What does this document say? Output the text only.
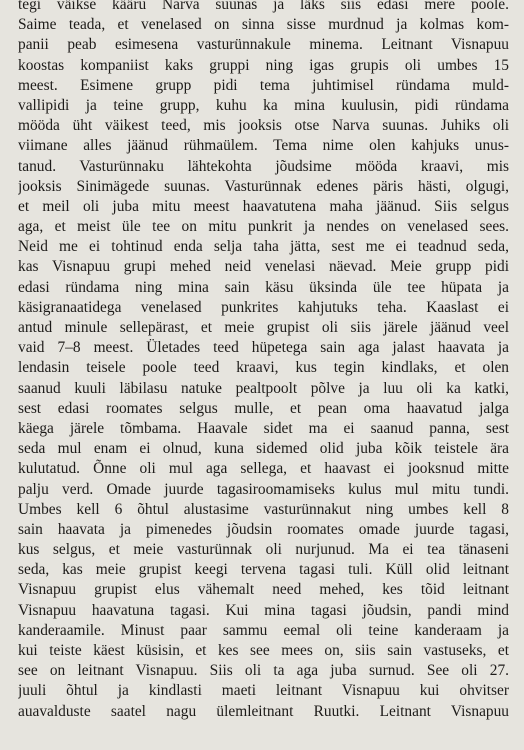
tegi väikse kääru Narva suunas ja läks siis edasi mere poole.
Saime teada, et venelased on sinna sisse murdnud ja kolmas kom-
panii peab esimesena vasturünnakule minema. Leitnant Visnapuu
koostas kompaniist kaks gruppi ning igas grupis oli umbes 15
meest. Esimene grupp pidi tema juhtimisel ründama muld-
vallipidi ja teine grupp, kuhu ka mina kuulusin, pidi ründama
mööda üht väikest teed, mis jooksis otse Narva suunas. Juhiks oli
viimane alles jäänud rühmaülem. Tema nime olen kahjuks unus-
tanud. Vasturünnaku lähtekohta jõudsime mööda kraavi, mis
jooksis Sinimägede suunas. Vasturünnak edenes päris hästi, olgugi,
et meil oli juba mitu meest haavatutena maha jäänud. Siis selgus
aga, et meist üle tee on mitu punkrit ja nendes on venelased sees.
Neid me ei tohtinud enda selja taha jätta, sest me ei teadnud seda,
kas Visnapuu grupi mehed neid venelasi näevad. Meie grupp pidi
edasi ründama ning mina sain käsu üksinda üle tee hüpata ja
käsigranaatidega venelased punkrites kahjutuks teha. Kaaslast ei
antud minule sellepärast, et meie grupist oli siis järele jäänud veel
vaid 7–8 meest. Ületades teed hüpetega sain aga jalast haavata ja
lendasin teisele poole teed kraavi, kus tegin kindlaks, et olen
saanud kuuli läbilasu natuke pealtpoolt põlve ja luu oli ka katki,
sest edasi roomates selgus mulle, et pean oma haavatud jalga
käega järele tõmbama. Haavale sidet ma ei saanud panna, sest
seda mul enam ei olnud, kuna sidemed olid juba kõik teistele ära
kulutatud. Õnne oli mul aga sellega, et haavast ei jooksnud mitte
palju verd. Omade juurde tagasiroomamiseks kulus mul mitu tundi.
Umbes kell 6 õhtul alustasime vasturünnakut ning umbes kell 8
sain haavata ja pimenedes jõudsin roomates omade juurde tagasi,
kus selgus, et meie vasturünnak oli nurjunud. Ma ei tea tänaseni
seda, kas meie grupist keegi tervena tagasi tuli. Küll olid leitnant
Visnapuu grupist elus vähemalt need mehed, kes tõid leitnant
Visnapuu haavatuna tagasi. Kui mina tagasi jõudsin, pandi mind
kanderaamile. Minust paar sammu eemal oli teine kanderaam ja
kui teiste käest küsisin, et kes see mees on, siis sain vastuseks, et
see on leitnant Visnapuu. Siis oli ta aga juba surnud. See oli 27.
juuli õhtul ja kindlasti maeti leitnant Visnapuu kui ohvitser
auavalduste saatel nagu ülemleitnant Ruutki. Leitnant Visnapuu
